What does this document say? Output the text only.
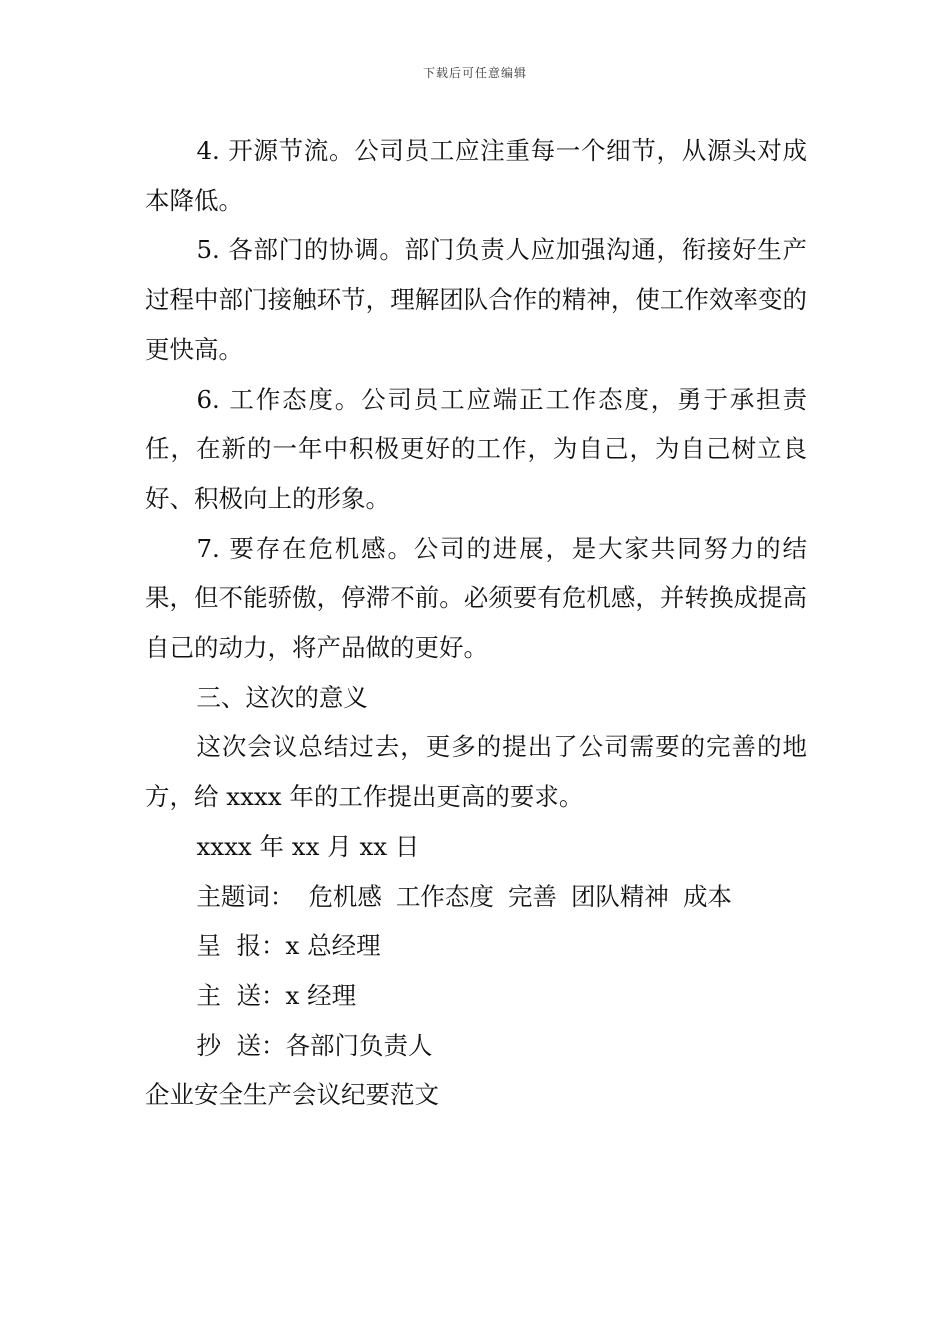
下载后可任意编辑

4. 开源节流。公司员工应注重每一个细节，从源头对成本降低。

5. 各部门的协调。部门负责人应加强沟通，衔接好生产过程中部门接触环节，理解团队合作的精神，使工作效率变的更快高。

6. 工作态度。公司员工应端正工作态度，勇于承担责任，在新的一年中积极更好的工作，为自己，为自己树立良好、积极向上的形象。

7. 要存在危机感。公司的进展，是大家共同努力的结果，但不能骄傲，停滞不前。必须要有危机感，并转换成提高自己的动力，将产品做的更好。

三、这次的意义

这次会议总结过去，更多的提出了公司需要的完善的地方，给 xxxx 年的工作提出更高的要求。

xxxx 年 xx 月 xx 日

主题词： 危机感 工作态度 完善 团队精神 成本

呈  报：x 总经理

主  送：x 经理

抄  送：各部门负责人

企业安全生产会议纪要范文
